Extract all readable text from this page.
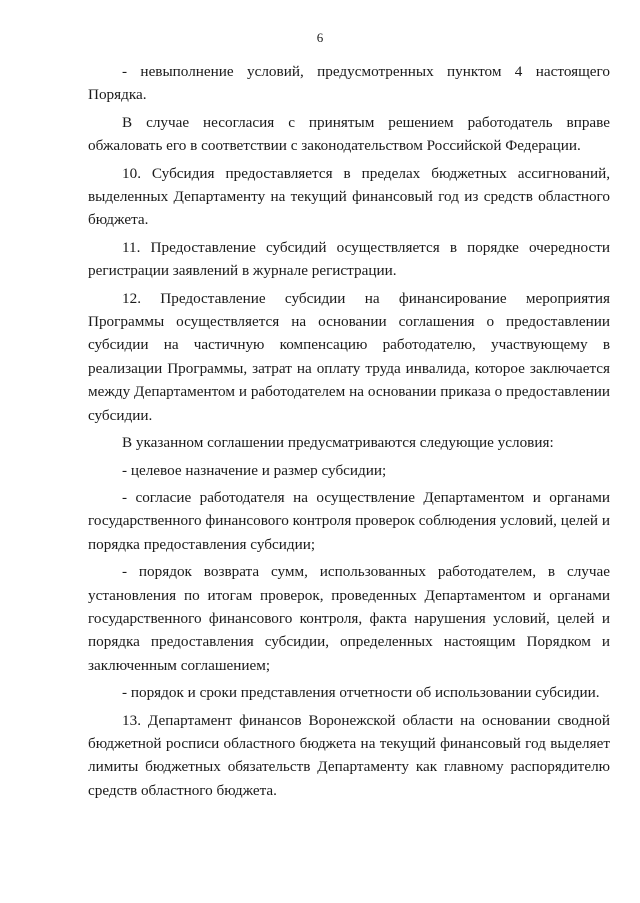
6

- невыполнение условий, предусмотренных пунктом 4 настоящего Порядка.

В случае несогласия с принятым решением работодатель вправе обжаловать его в соответствии с законодательством Российской Федерации.

10. Субсидия предоставляется в пределах бюджетных ассигнований, выделенных Департаменту на текущий финансовый год из средств областного бюджета.

11. Предоставление субсидий осуществляется в порядке очередности регистрации заявлений в журнале регистрации.

12. Предоставление субсидии на финансирование мероприятия Программы осуществляется на основании соглашения о предоставлении субсидии на частичную компенсацию работодателю, участвующему в реализации Программы, затрат на оплату труда инвалида, которое заключается между Департаментом и работодателем на основании приказа о предоставлении субсидии.

В указанном соглашении предусматриваются следующие условия:

- целевое назначение и размер субсидии;

- согласие работодателя на осуществление Департаментом и органами государственного финансового контроля проверок соблюдения условий, целей и порядка предоставления субсидии;

- порядок возврата сумм, использованных работодателем, в случае установления по итогам проверок, проведенных Департаментом и органами государственного финансового контроля, факта нарушения условий, целей и порядка предоставления субсидии, определенных настоящим Порядком и заключенным соглашением;

- порядок и сроки представления отчетности об использовании субсидии.

13. Департамент финансов Воронежской области на основании сводной бюджетной росписи областного бюджета на текущий финансовый год выделяет лимиты бюджетных обязательств Департаменту как главному распорядителю средств областного бюджета.
